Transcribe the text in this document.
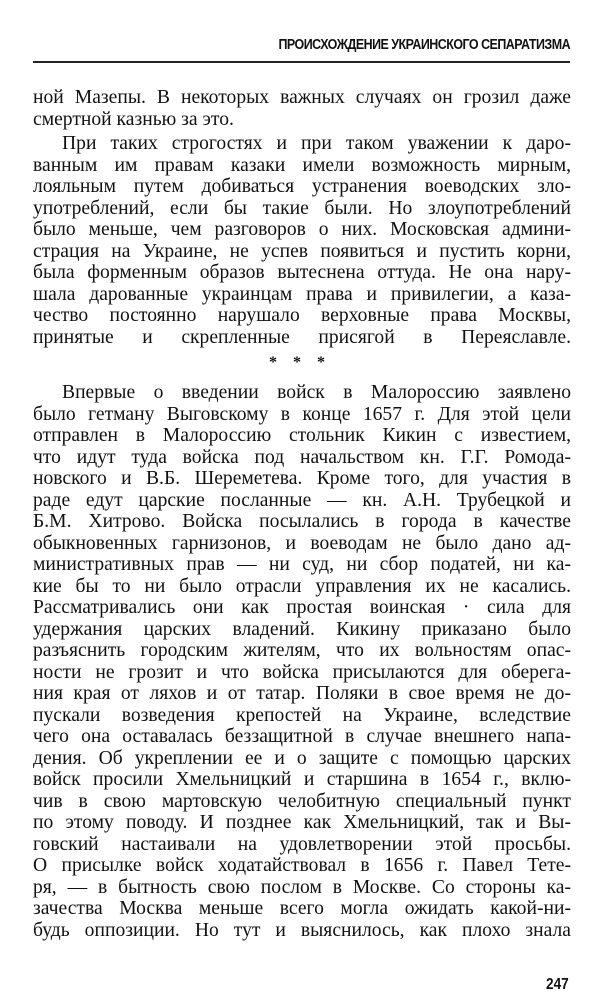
ПРОИСХОЖДЕНИЕ УКРАИНСКОГО СЕПАРАТИЗМА
ной Мазепы. В некоторых важных случаях он грозил даже
смертной казнью за это.
При таких строгостях и при таком уважении к даро-
ванным им правам казаки имели возможность мирным,
лояльным путем добиваться устранения воеводских зло-
употреблений, если бы такие были. Но злоупотреблений
было меньше, чем разговоров о них. Московская админи-
страция на Украине, не успев появиться и пустить корни,
была форменным образов вытеснена оттуда. Не она нару-
шала дарованные украинцам права и привилегии, а каза-
чество постоянно нарушало верховные права Москвы,
принятые и скрепленные присягой в Переяславле.
* * *
Впервые о введении войск в Малороссию заявлено
было гетману Выговскому в конце 1657 г. Для этой цели
отправлен в Малороссию стольник Кикин с известием,
что идут туда войска под начальством кн. Г.Г. Ромода-
новского и В.Б. Шереметева. Кроме того, для участия в
раде едут царские посланные — кн. А.Н. Трубецкой и
Б.М. Хитрово. Войска посылались в города в качестве
обыкновенных гарнизонов, и воеводам не было дано ад-
министративных прав — ни суд, ни сбор податей, ни ка-
кие бы то ни было отрасли управления их не касались.
Рассматривались они как простая воинская · сила для
удержания царских владений. Кикину приказано было
разъяснить городским жителям, что их вольностям опас-
ности не грозит и что войска присылаются для оберега-
ния края от ляхов и от татар. Поляки в свое время не до-
пускали возведения крепостей на Украине, вследствие
чего она оставалась беззащитной в случае внешнего напа-
дения. Об укреплении ее и о защите с помощью царских
войск просили Хмельницкий и старшина в 1654 г., вклю-
чив в свою мартовскую челобитную специальный пункт
по этому поводу. И позднее как Хмельницкий, так и Вы-
говский настаивали на удовлетворении этой просьбы.
О присылке войск ходатайствовал в 1656 г. Павел Тете-
ря, — в бытность свою послом в Москве. Со стороны ка-
зачества Москва меньше всего могла ожидать какой-ни-
будь оппозиции. Но тут и выяснилось, как плохо знала
247
